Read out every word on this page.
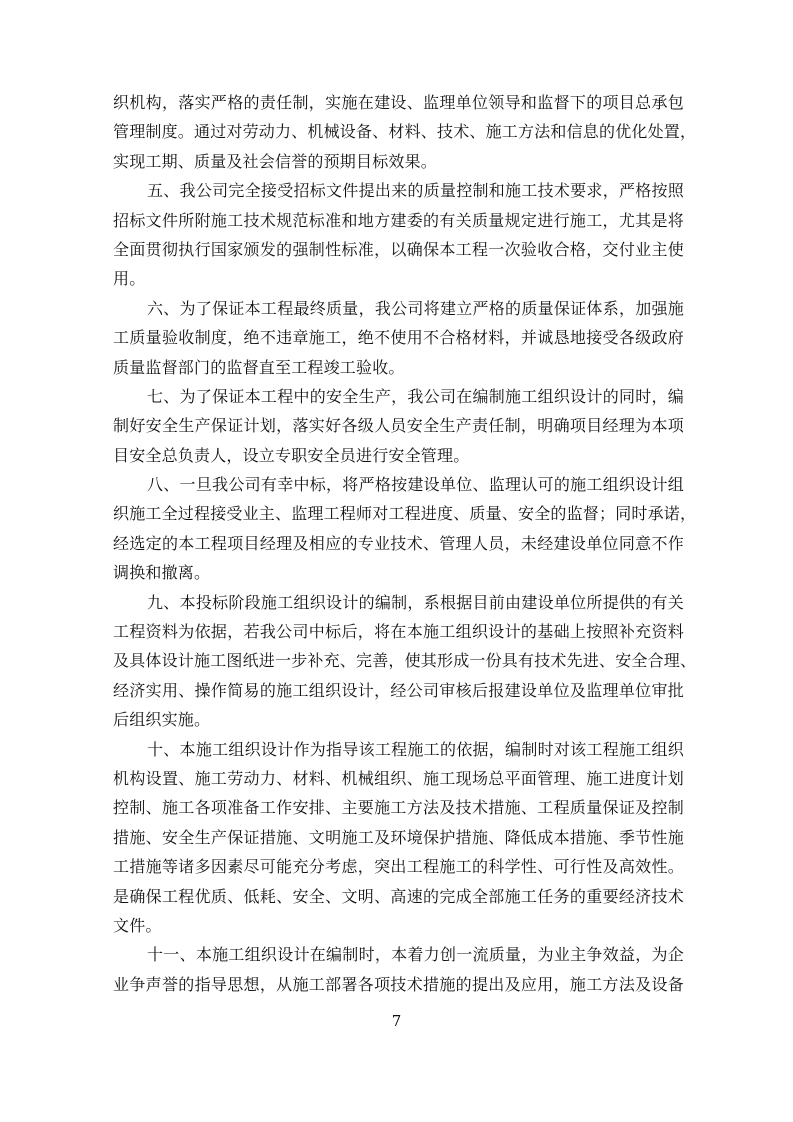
织机构，落实严格的责任制，实施在建设、监理单位领导和监督下的项目总承包
管理制度。通过对劳动力、机械设备、材料、技术、施工方法和信息的优化处置，
实现工期、质量及社会信誉的预期目标效果。
五、我公司完全接受招标文件提出来的质量控制和施工技术要求，严格按照
招标文件所附施工技术规范标准和地方建委的有关质量规定进行施工，尤其是将
全面贯彻执行国家颁发的强制性标准，以确保本工程一次验收合格，交付业主使
用。
六、为了保证本工程最终质量，我公司将建立严格的质量保证体系，加强施
工质量验收制度，绝不违章施工，绝不使用不合格材料，并诚恳地接受各级政府
质量监督部门的监督直至工程竣工验收。
七、为了保证本工程中的安全生产，我公司在编制施工组织设计的同时，编
制好安全生产保证计划，落实好各级人员安全生产责任制，明确项目经理为本项
目安全总负责人，设立专职安全员进行安全管理。
八、一旦我公司有幸中标，将严格按建设单位、监理认可的施工组织设计组
织施工全过程接受业主、监理工程师对工程进度、质量、安全的监督；同时承诺，
经选定的本工程项目经理及相应的专业技术、管理人员，未经建设单位同意不作
调换和撤离。
九、本投标阶段施工组织设计的编制，系根据目前由建设单位所提供的有关
工程资料为依据，若我公司中标后，将在本施工组织设计的基础上按照补充资料
及具体设计施工图纸进一步补充、完善，使其形成一份具有技术先进、安全合理、
经济实用、操作简易的施工组织设计，经公司审核后报建设单位及监理单位审批
后组织实施。
十、本施工组织设计作为指导该工程施工的依据，编制时对该工程施工组织
机构设置、施工劳动力、材料、机械组织、施工现场总平面管理、施工进度计划
控制、施工各项准备工作安排、主要施工方法及技术措施、工程质量保证及控制
措施、安全生产保证措施、文明施工及环境保护措施、降低成本措施、季节性施
工措施等诸多因素尽可能充分考虑，突出工程施工的科学性、可行性及高效性。
是确保工程优质、低耗、安全、文明、高速的完成全部施工任务的重要经济技术
文件。
十一、本施工组织设计在编制时，本着力创一流质量，为业主争效益，为企
业争声誉的指导思想，从施工部署各项技术措施的提出及应用，施工方法及设备
7
